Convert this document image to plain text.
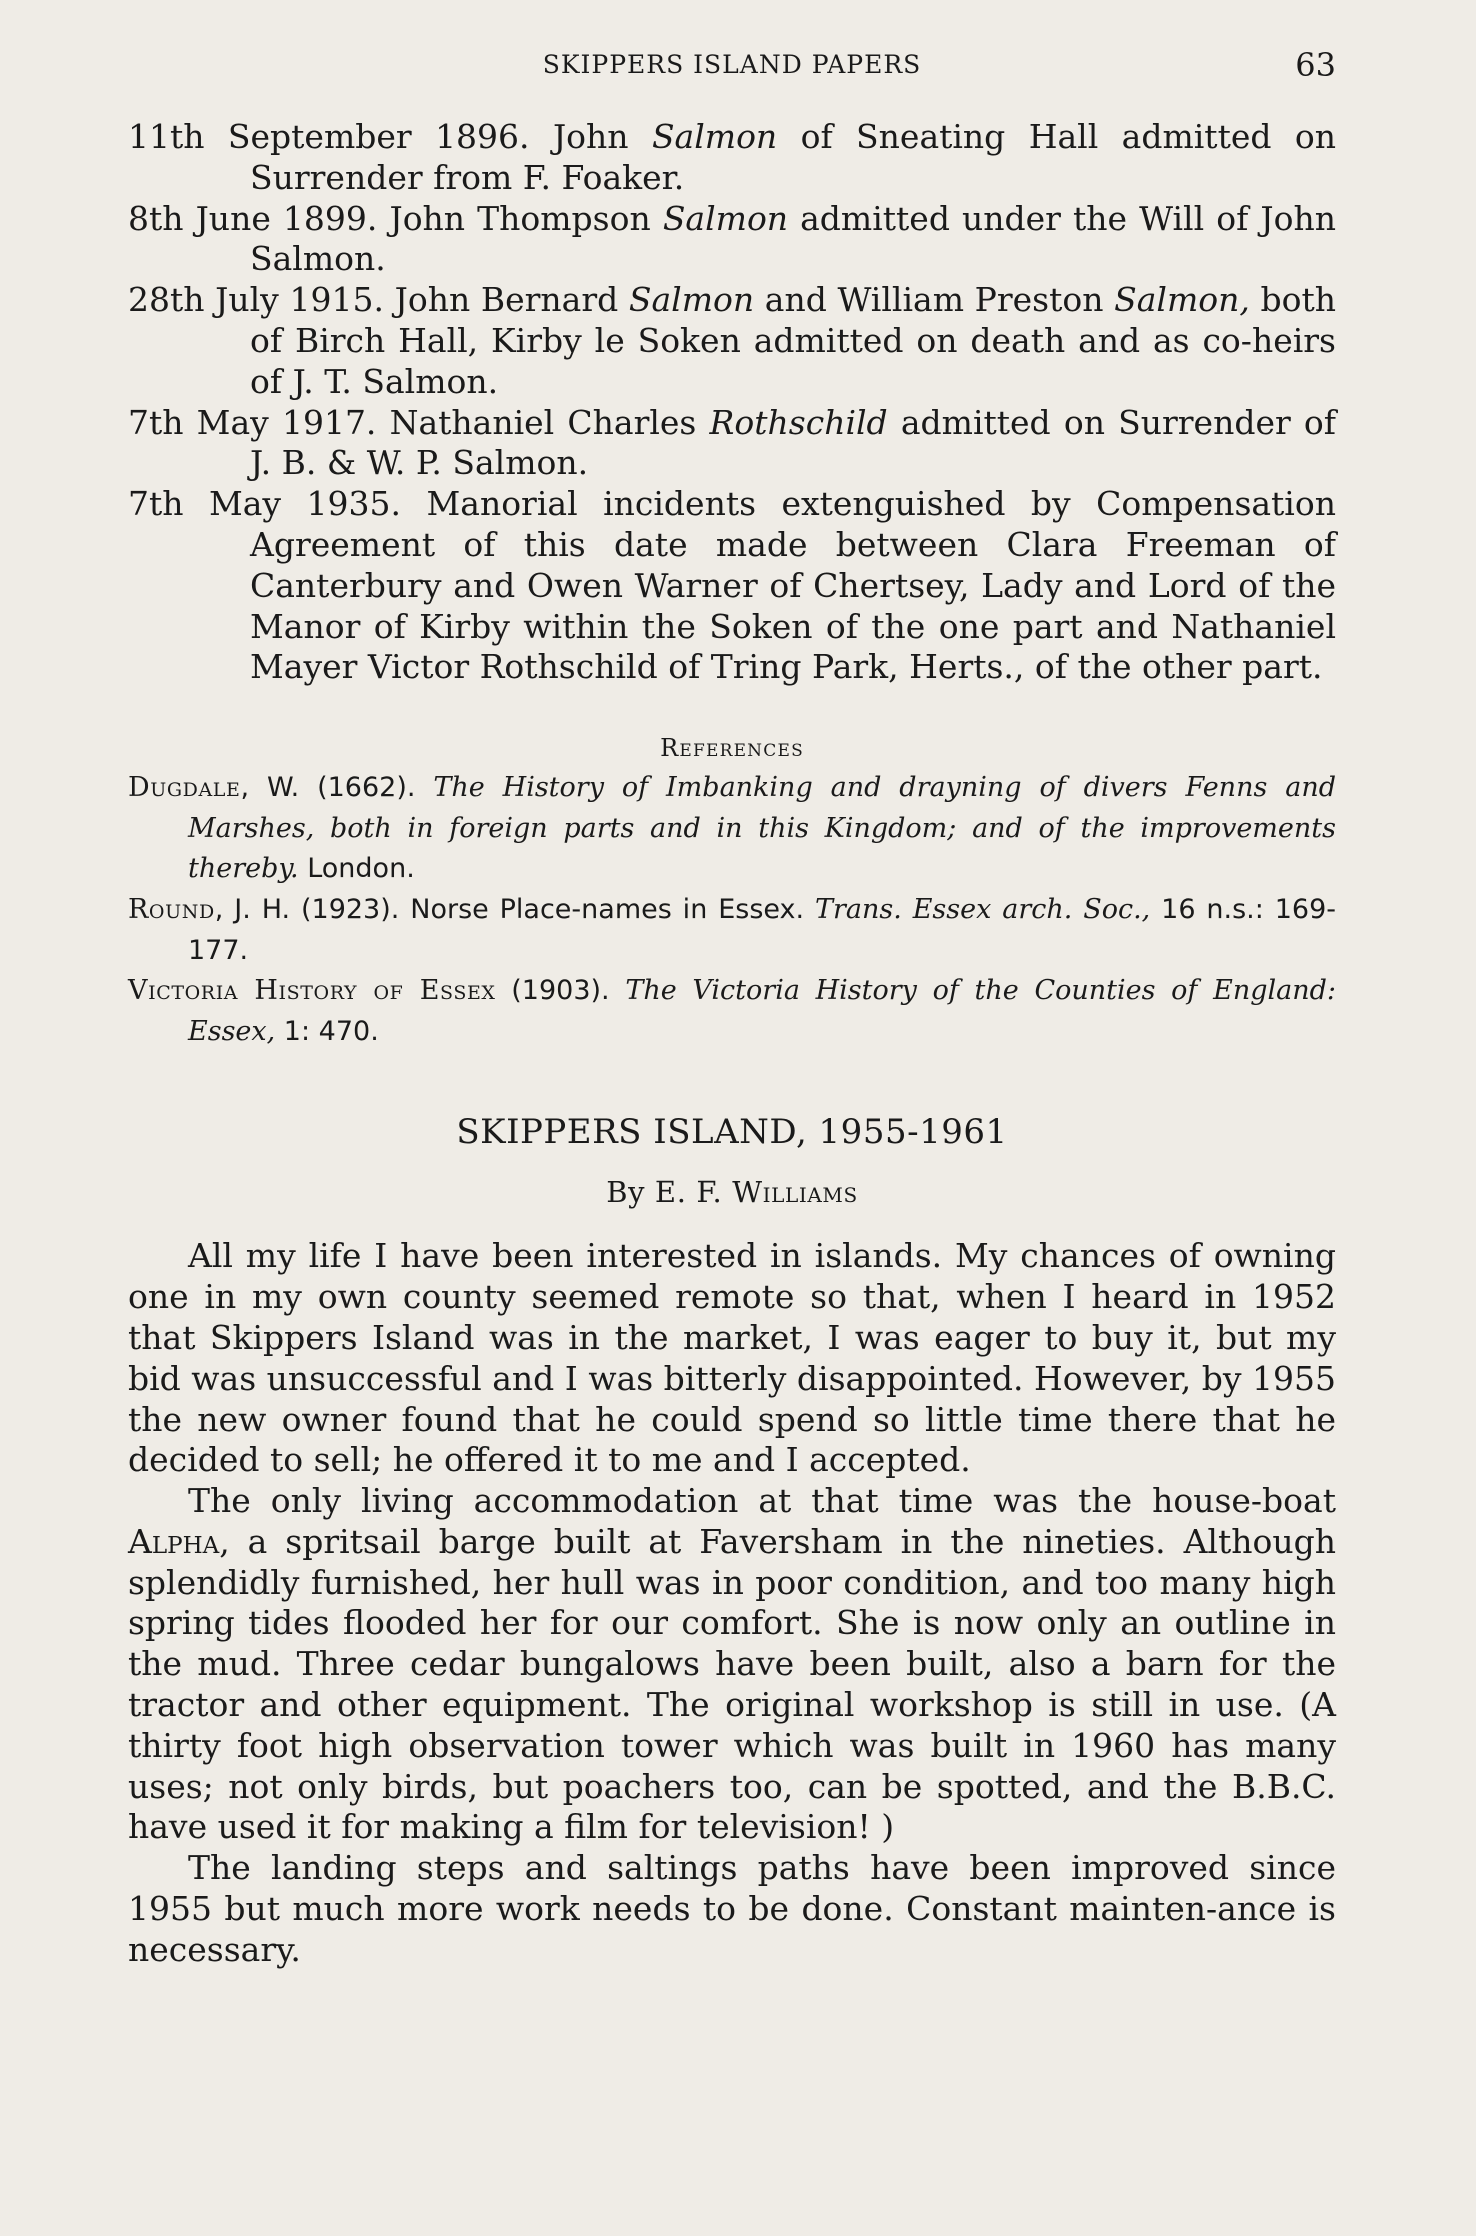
SKIPPERS ISLAND PAPERS	63

11th September 1896. John Salmon of Sneating Hall admitted on Surrender from F. Foaker.

8th June 1899. John Thompson Salmon admitted under the Will of John Salmon.

28th July 1915. John Bernard Salmon and William Preston Salmon, both of Birch Hall, Kirby le Soken admitted on death and as co-heirs of J. T. Salmon.

7th May 1917. Nathaniel Charles Rothschild admitted on Surrender of J. B. & W. P. Salmon.

7th May 1935. Manorial incidents extenguished by Compensation Agreement of this date made between Clara Freeman of Canterbury and Owen Warner of Chertsey, Lady and Lord of the Manor of Kirby within the Soken of the one part and Nathaniel Mayer Victor Rothschild of Tring Park, Herts., of the other part.

References

Dugdale, W. (1662). The History of Imbanking and drayning of divers Fenns and Marshes, both in foreign parts and in this Kingdom; and of the improvements thereby. London.

Round, J. H. (1923). Norse Place-names in Essex. Trans. Essex arch. Soc., 16 n.s.: 169-177.

Victoria History of Essex (1903). The Victoria History of the Counties of England: Essex, 1: 470.

SKIPPERS ISLAND, 1955-1961
By E. F. Williams

All my life I have been interested in islands. My chances of owning one in my own county seemed remote so that, when I heard in 1952 that Skippers Island was in the market, I was eager to buy it, but my bid was unsuccessful and I was bitterly disappointed. However, by 1955 the new owner found that he could spend so little time there that he decided to sell; he offered it to me and I accepted.

The only living accommodation at that time was the house-boat Alpha, a spritsail barge built at Faversham in the nineties. Although splendidly furnished, her hull was in poor condition, and too many high spring tides flooded her for our comfort. She is now only an outline in the mud. Three cedar bungalows have been built, also a barn for the tractor and other equipment. The original workshop is still in use. (A thirty foot high observation tower which was built in 1960 has many uses; not only birds, but poachers too, can be spotted, and the B.B.C. have used it for making a film for television! )

The landing steps and saltings paths have been improved since 1955 but much more work needs to be done. Constant mainten-ance is necessary.
